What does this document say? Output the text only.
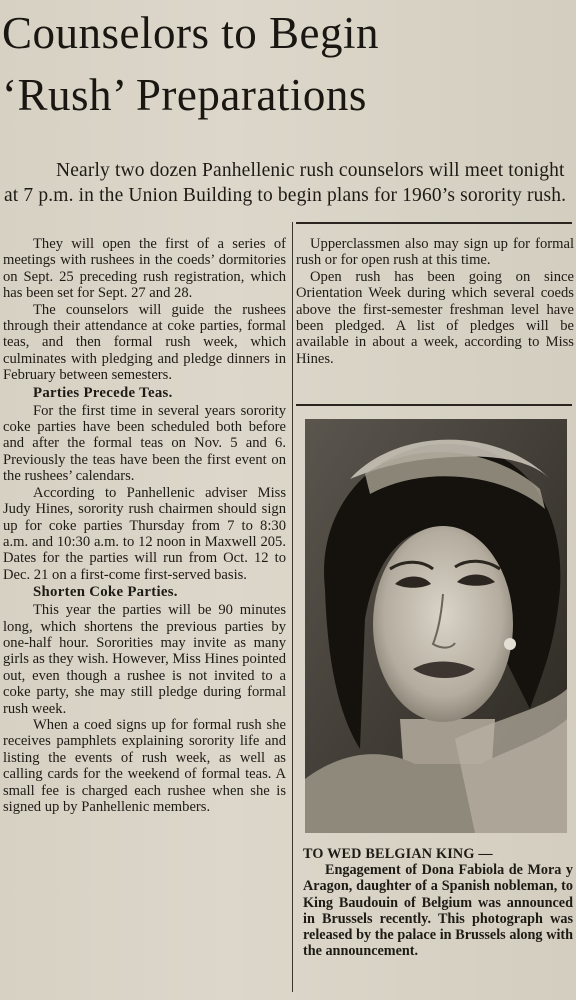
Counselors to Begin
‘Rush’ Preparations

Nearly two dozen Panhellenic rush counselors will meet tonight at 7 p.m. in the Union Building to begin plans for 1960’s sorority rush.

They will open the first of a series of meetings with rushees in the coeds’ dormitories on Sept. 25 preceding rush registration, which has been set for Sept. 27 and 28.

The counselors will guide the rushees through their attendance at coke parties, formal teas, and then formal rush week, which culminates with pledging and pledge dinners in February between semesters.

Parties Precede Teas.

For the first time in several years sorority coke parties have been scheduled both before and after the formal teas on Nov. 5 and 6. Previously the teas have been the first event on the rushees’ calendars.

According to Panhellenic adviser Miss Judy Hines, sorority rush chairmen should sign up for coke parties Thursday from 7 to 8:30 a.m. and 10:30 a.m. to 12 noon in Maxwell 205. Dates for the parties will run from Oct. 12 to Dec. 21 on a first-come first-served basis.

Shorten Coke Parties.

This year the parties will be 90 minutes long, which shortens the previous parties by one-half hour. Sororities may invite as many girls as they wish. However, Miss Hines pointed out, even though a rushee is not invited to a coke party, she may still pledge during formal rush week.

When a coed signs up for formal rush she receives pamphlets explaining sorority life and listing the events of rush week, as well as calling cards for the weekend of formal teas. A small fee is charged each rushee when she is signed up by Panhellenic members.

Upperclassmen also may sign up for formal rush or for open rush at this time.

Open rush has been going on since Orientation Week during which several coeds above the first-semester freshman level have been pledged. A list of pledges will be available in about a week, according to Miss Hines.

TO WED BELGIAN KING —
Engagement of Dona Fabiola de Mora y Aragon, daughter of a Spanish nobleman, to King Baudouin of Belgium was announced in Brussels recently. This photograph was released by the palace in Brussels along with the announcement.
